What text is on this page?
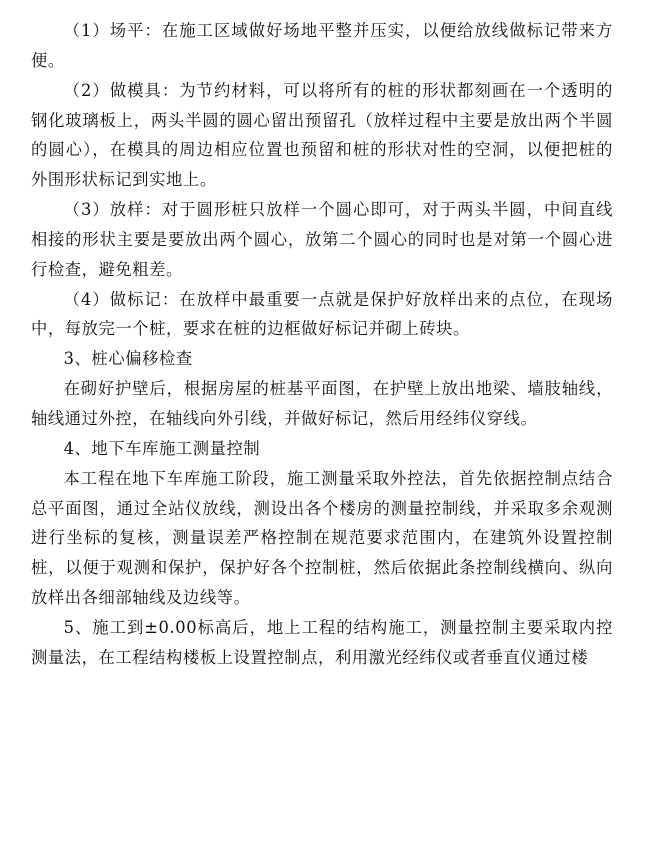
（1）场平：在施工区域做好场地平整并压实，以便给放线做标记带来方便。

（2）做模具：为节约材料，可以将所有的桩的形状都刻画在一个透明的钢化玻璃板上，两头半圆的圆心留出预留孔（放样过程中主要是放出两个半圆的圆心），在模具的周边相应位置也预留和桩的形状对性的空洞，以便把桩的外围形状标记到实地上。

（3）放样：对于圆形桩只放样一个圆心即可，对于两头半圆，中间直线相接的形状主要是要放出两个圆心，放第二个圆心的同时也是对第一个圆心进行检查，避免粗差。

（4）做标记：在放样中最重要一点就是保护好放样出来的点位，在现场中，每放完一个桩，要求在桩的边框做好标记并砌上砖块。

3、桩心偏移检查

在砌好护壁后，根据房屋的桩基平面图，在护壁上放出地梁、墙肢轴线，轴线通过外控，在轴线向外引线，并做好标记，然后用经纬仪穿线。

4、地下车库施工测量控制

本工程在地下车库施工阶段，施工测量采取外控法，首先依据控制点结合总平面图，通过全站仪放线，测设出各个楼房的测量控制线，并采取多余观测进行坐标的复核，测量误差严格控制在规范要求范围内，在建筑外设置控制桩，以便于观测和保护，保护好各个控制桩，然后依据此条控制线横向、纵向放样出各细部轴线及边线等。

5、施工到±0.00标高后，地上工程的结构施工，测量控制主要采取内控测量法，在工程结构楼板上设置控制点，利用激光经纬仪或者垂直仪通过楼
